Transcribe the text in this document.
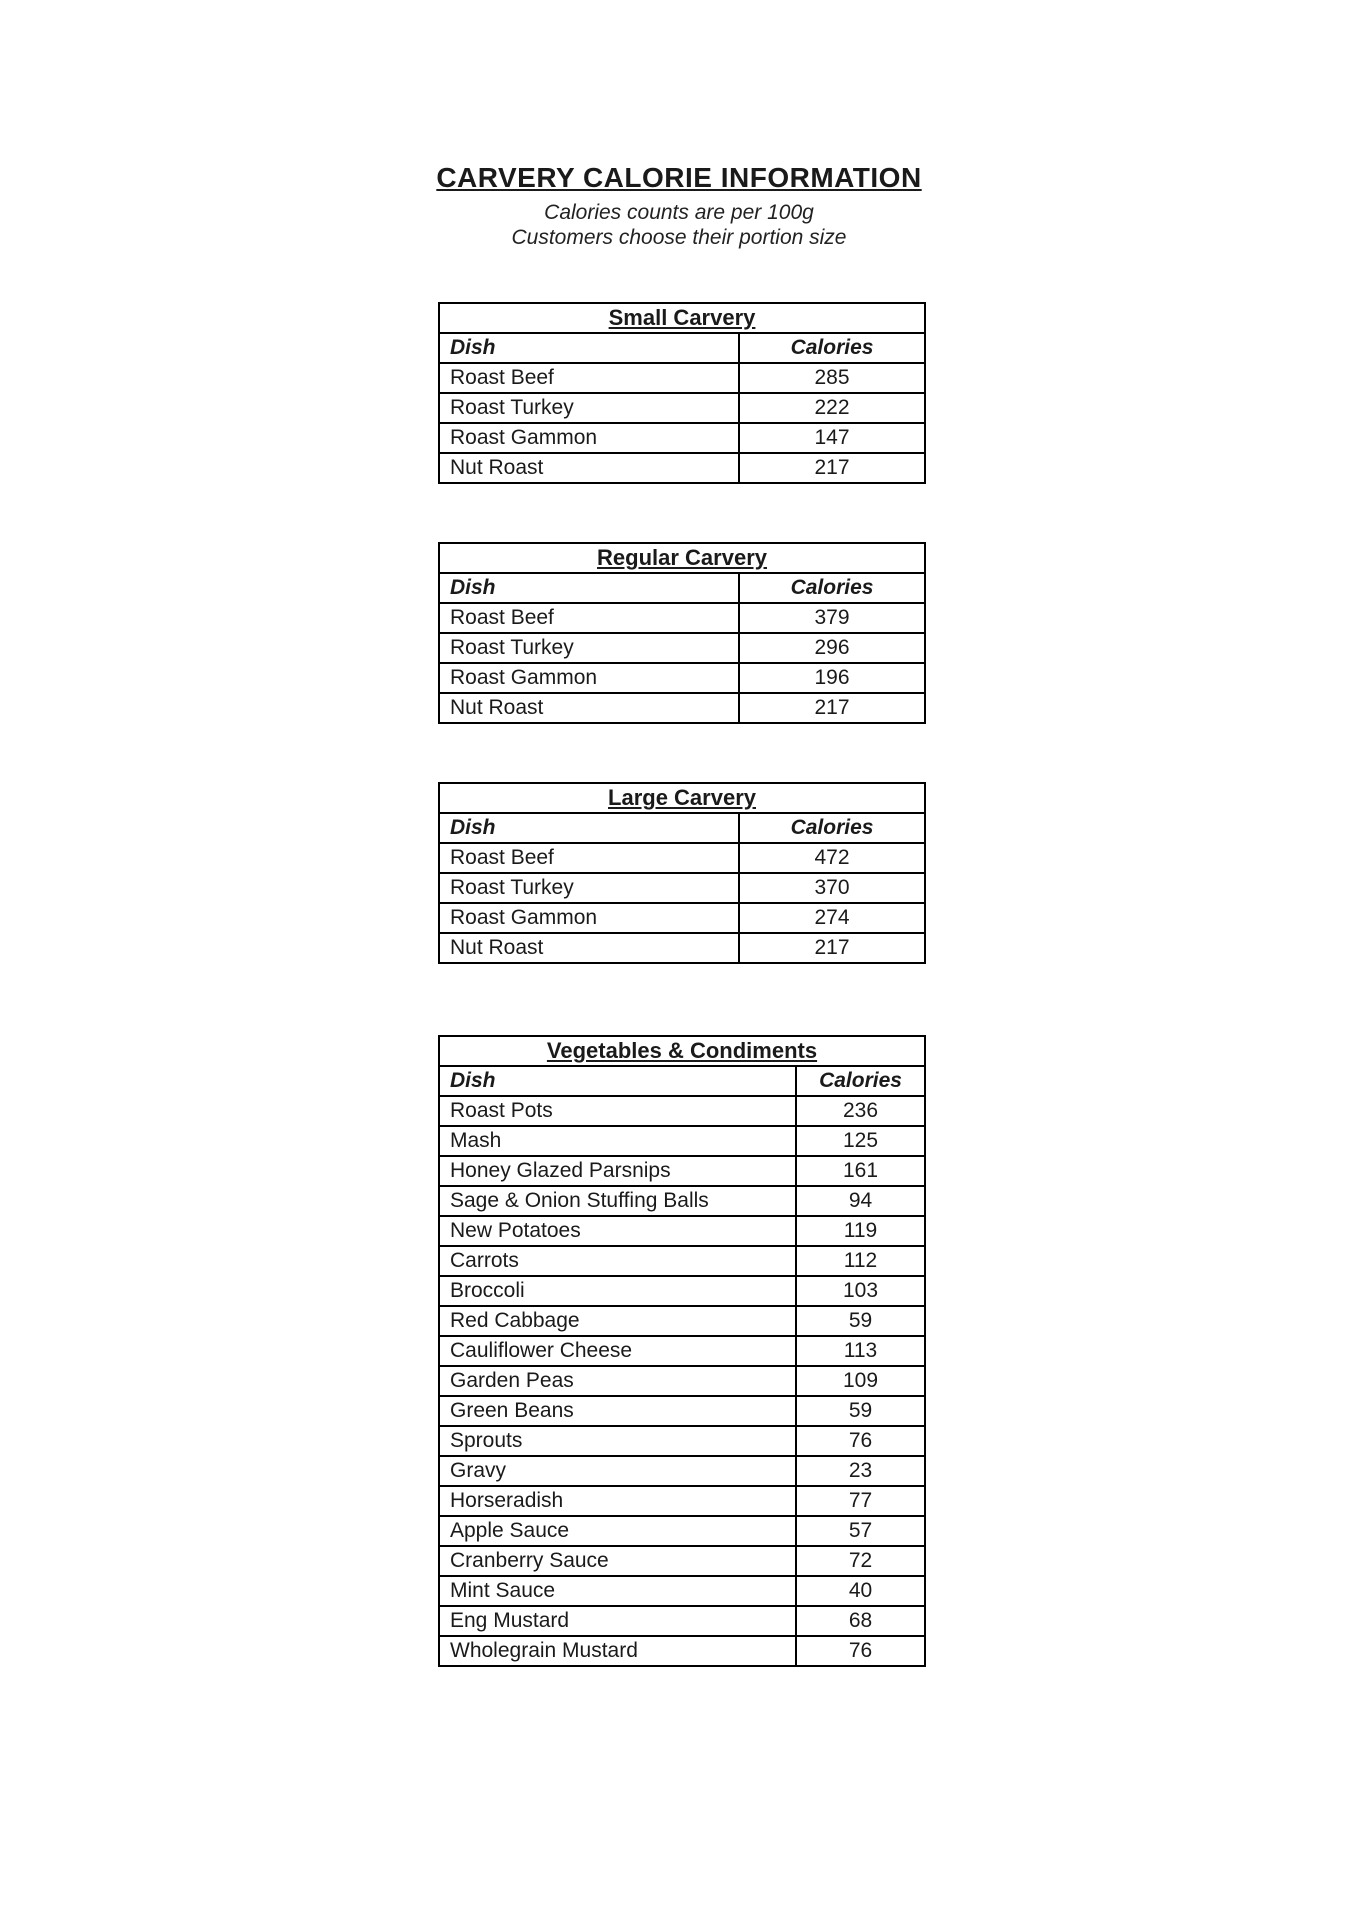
CARVERY CALORIE INFORMATION
Calories counts are per 100g
Customers choose their portion size
Small Carvery	
Dish	Calories
Roast Beef	285
Roast Turkey	222
Roast Gammon	147
Nut Roast	217
Regular Carvery	
Dish	Calories
Roast Beef	379
Roast Turkey	296
Roast Gammon	196
Nut Roast	217
Large Carvery	
Dish	Calories
Roast Beef	472
Roast Turkey	370
Roast Gammon	274
Nut Roast	217
Vegetables & Condiments	
Dish	Calories
Roast Pots	236
Mash	125
Honey Glazed Parsnips	161
Sage & Onion Stuffing Balls	94
New Potatoes	119
Carrots	112
Broccoli	103
Red Cabbage	59
Cauliflower Cheese	113
Garden Peas	109
Green Beans	59
Sprouts	76
Gravy	23
Horseradish	77
Apple Sauce	57
Cranberry Sauce	72
Mint Sauce	40
Eng Mustard	68
Wholegrain Mustard	76
